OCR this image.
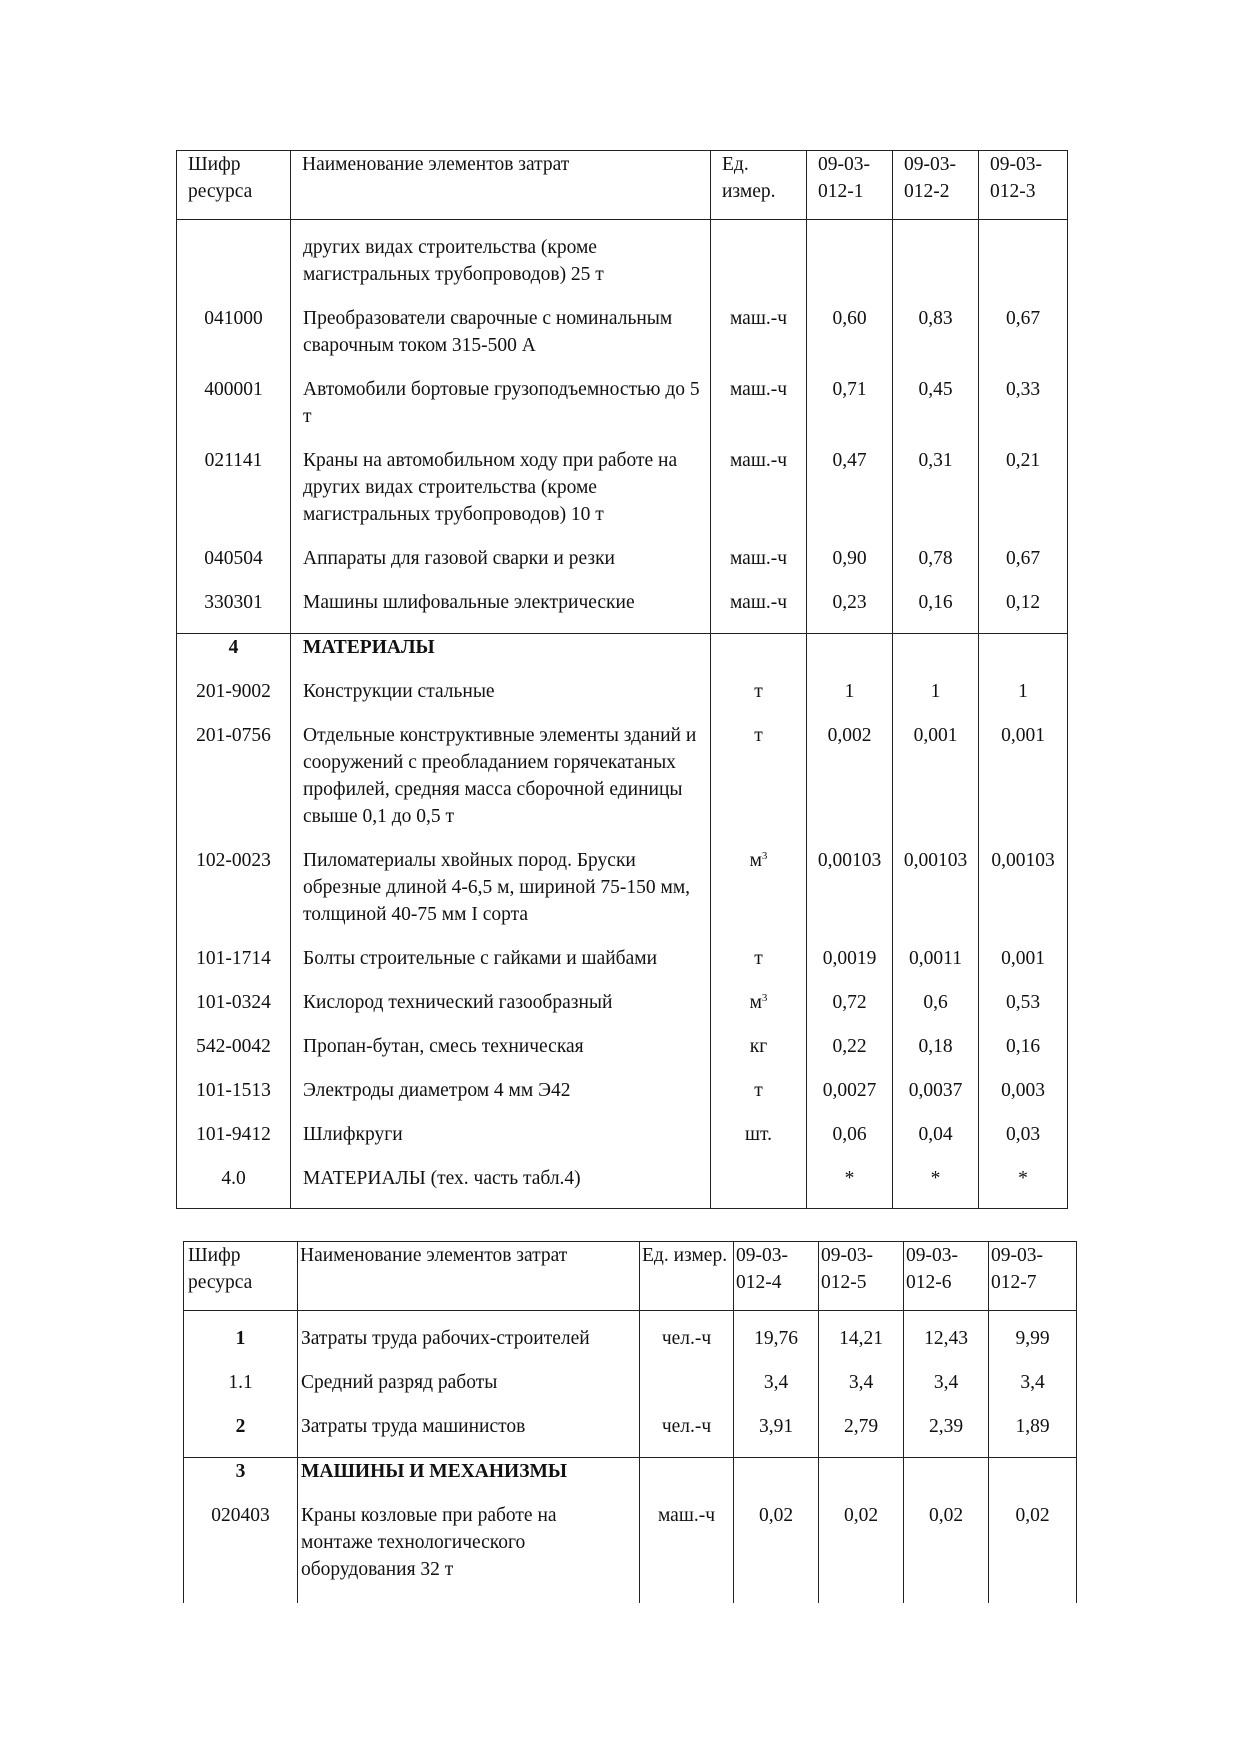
Шифр ресурса	Наименование элементов затрат	Ед. измер.	09-03-012-1	09-03-012-2	09-03-012-3
	других видах строительства (кроме магистральных трубопроводов) 25 т				
041000	Преобразователи сварочные с номинальным сварочным током 315-500 А	маш.-ч	0,60	0,83	0,67
400001	Автомобили бортовые грузоподъемностью до 5 т	маш.-ч	0,71	0,45	0,33
021141	Краны на автомобильном ходу при работе на других видах строительства (кроме магистральных трубопроводов) 10 т	маш.-ч	0,47	0,31	0,21
040504	Аппараты для газовой сварки и резки	маш.-ч	0,90	0,78	0,67
330301	Машины шлифовальные электрические	маш.-ч	0,23	0,16	0,12
4	МАТЕРИАЛЫ				
201-9002	Конструкции стальные	т	1	1	1
201-0756	Отдельные конструктивные элементы зданий и сооружений с преобладанием горячекатаных профилей, средняя масса сборочной единицы свыше 0,1 до 0,5 т	т	0,002	0,001	0,001
102-0023	Пиломатериалы хвойных пород. Бруски обрезные длиной 4-6,5 м, шириной 75-150 мм, толщиной 40-75 мм I сорта	$м^3$	0,00103	0,00103	0,00103
101-1714	Болты строительные с гайками и шайбами	т	0,0019	0,0011	0,001
101-0324	Кислород технический газообразный	$м^3$	0,72	0,6	0,53
542-0042	Пропан-бутан, смесь техническая	кг	0,22	0,18	0,16
101-1513	Электроды диаметром 4 мм Э42	т	0,0027	0,0037	0,003
101-9412	Шлифкруги	шт.	0,06	0,04	0,03
4.0	МАТЕРИАЛЫ (тех. часть табл.4)		*	*	*
Шифр ресурса	Наименование элементов затрат	Ед. измер.	09-03-012-4	09-03-012-5	09-03-012-6	09-03-012-7
1	Затраты труда рабочих-строителей	чел.-ч	19,76	14,21	12,43	9,99
1.1	Средний разряд работы		3,4	3,4	3,4	3,4
2	Затраты труда машинистов	чел.-ч	3,91	2,79	2,39	1,89
3	МАШИНЫ И МЕХАНИЗМЫ					
020403	Краны козловые при работе на монтаже технологического оборудования 32 т	маш.-ч	0,02	0,02	0,02	0,02
